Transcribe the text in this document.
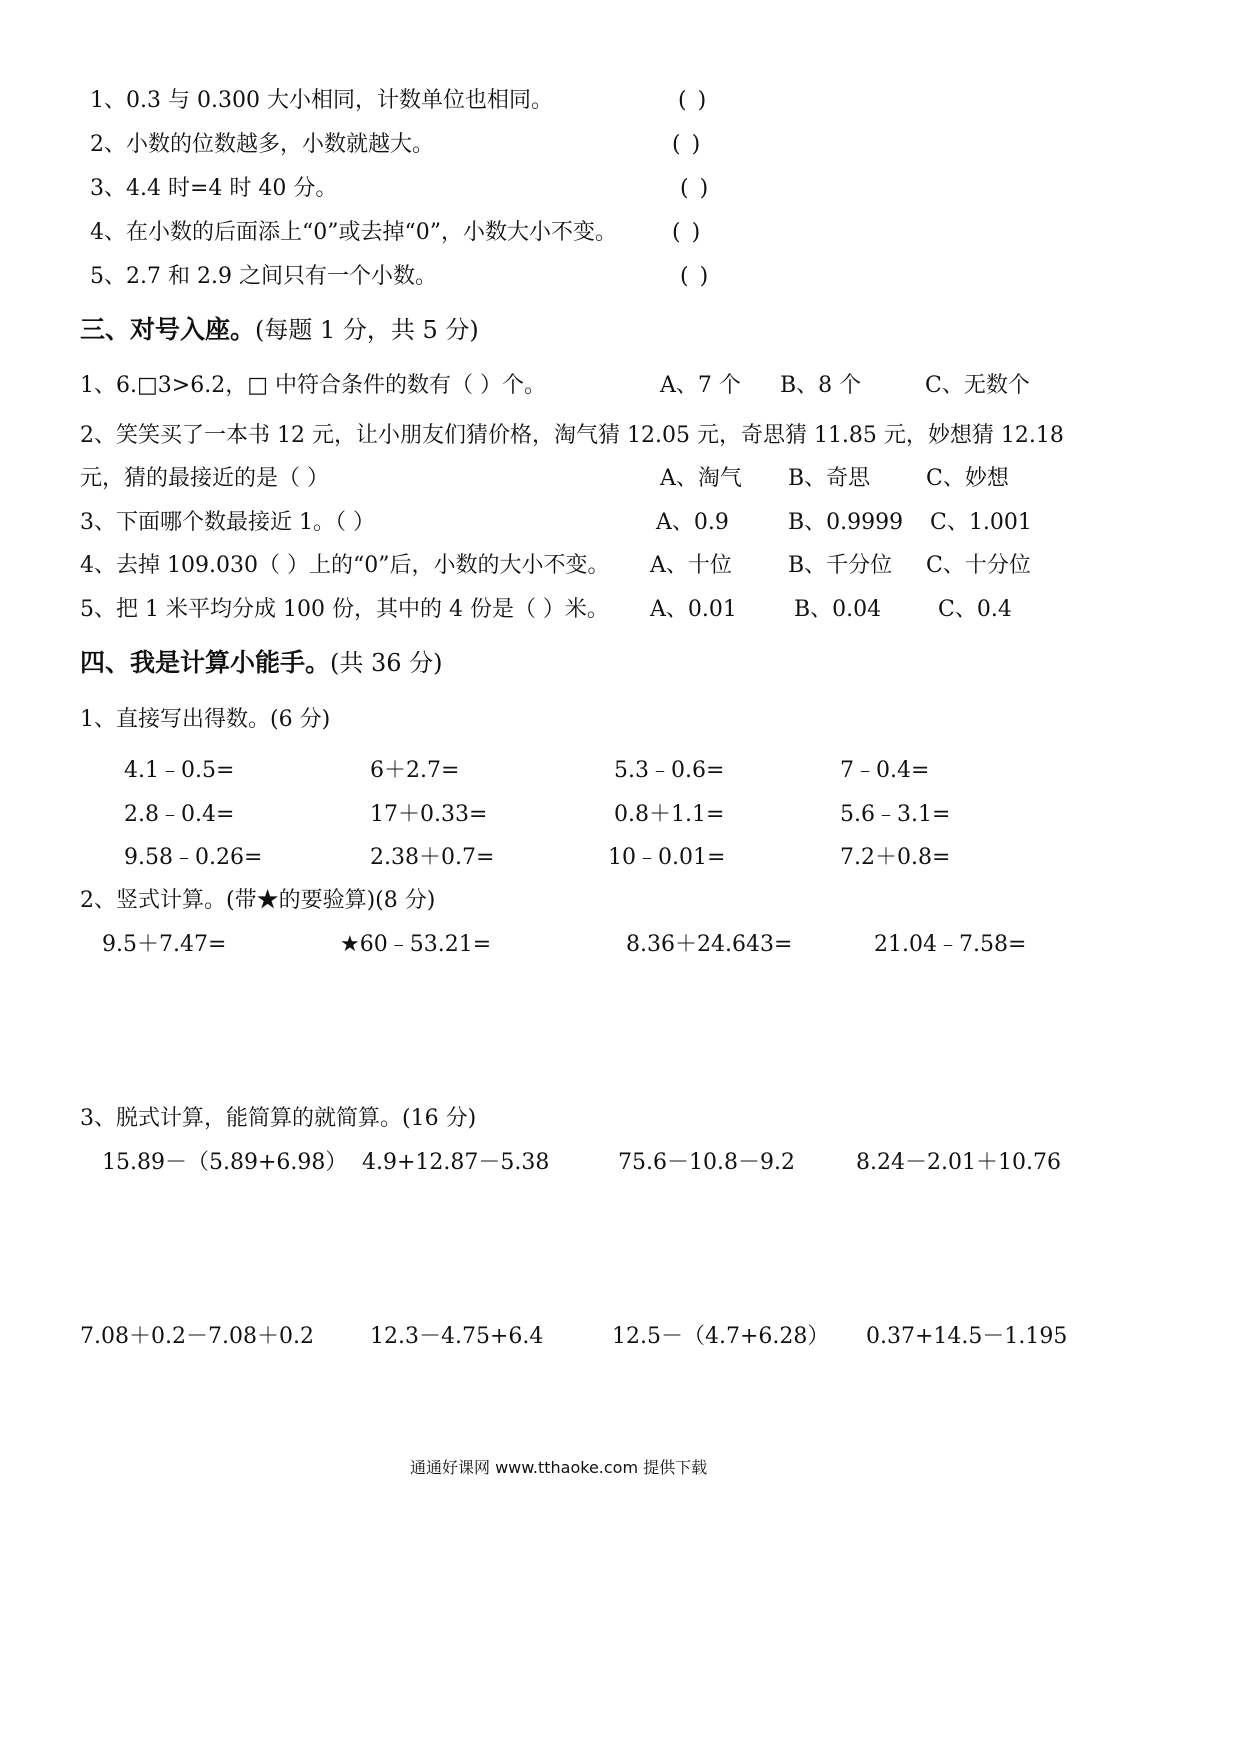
1、0.3 与 0.300 大小相同，计数单位也相同。	( )
2、小数的位数越多，小数就越大。	( )
3、4.4 时=4 时 40 分。	( )
4、在小数的后面添上“0”或去掉“0”，小数大小不变。	( )
5、2.7 和 2.9 之间只有一个小数。	( )
三、对号入座。(每题 1 分，共 5 分)
1、6.□3>6.2，□ 中符合条件的数有（ ）个。	A、7 个 B、8 个	C、无数个
2、笑笑买了一本书 12 元，让小朋友们猜价格，淘气猜 12.05 元，奇思猜 11.85 元，妙想猜 12.18
元，猜的最接近的是（ ）	A、淘气 B、奇思	C、妙想
3、下面哪个数最接近 1。（ ）	A、0.9	B、0.9999 C、1.001
4、去掉 109.030（ ）上的“0”后，小数的大小不变。 A、十位	B、千分位 C、十分位
5、把 1 米平均分成 100 份，其中的 4 份是（ ）米。 A、0.01	B、0.04	C、0.4
四、我是计算小能手。(共 36 分)
1、直接写出得数。(6 分)
4.1﹣0.5=	6＋2.7=	5.3﹣0.6=	7﹣0.4=
2.8﹣0.4=	17＋0.33=	0.8＋1.1=	5.6﹣3.1=
9.58﹣0.26=	2.38＋0.7=	10﹣0.01=	7.2＋0.8=
2、竖式计算。(带★的要验算)(8 分)
9.5＋7.47=	★60﹣53.21=	8.36＋24.643=	21.04﹣7.58=
3、脱式计算，能简算的就简算。(16 分)
15.89－（5.89+6.98） 4.9+12.87－5.38	75.6－10.8－9.2	8.24－2.01＋10.76
7.08＋0.2－7.08＋0.2	12.3－4.75+6.4	12.5－（4.7+6.28） 0.37+14.5－1.195
通通好课网 www.tthaoke.com 提供下载
